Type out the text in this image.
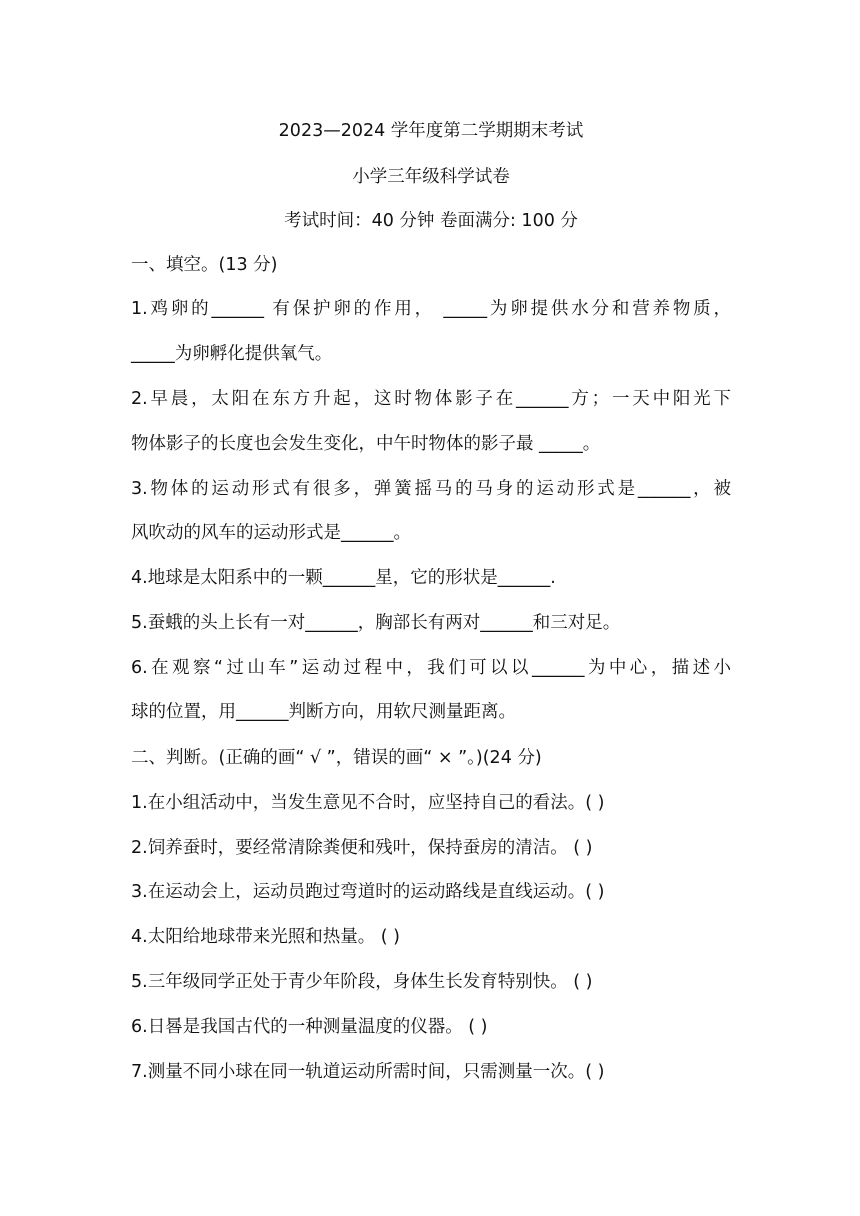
2023—2024 学年度第二学期期末考试
小学三年级科学试卷
考试时间：40 分钟 卷面满分: 100 分
一、填空。(13 分)
1.鸡卵的______ 有保护卵的作用， _____为卵提供水分和营养物质，
_____为卵孵化提供氧气。
2.早晨，太阳在东方升起，这时物体影子在______方；一天中阳光下
物体影子的长度也会发生变化，中午时物体的影子最 _____。
3.物体的运动形式有很多，弹簧摇马的马身的运动形式是______，被
风吹动的风车的运动形式是______。
4.地球是太阳系中的一颗______星，它的形状是______.
5.蚕蛾的头上长有一对______，胸部长有两对______和三对足。
6.在观察“过山车”运动过程中，我们可以以______为中心，描述小
球的位置，用______判断方向，用软尺测量距离。
二、判断。(正确的画“ √ ”，错误的画“ × ”。)(24 分)
1.在小组活动中，当发生意见不合时，应坚持自己的看法。( )
2.饲养蚕时，要经常清除粪便和残叶，保持蚕房的清洁。 ( )
3.在运动会上，运动员跑过弯道时的运动路线是直线运动。( )
4.太阳给地球带来光照和热量。 ( )
5.三年级同学正处于青少年阶段，身体生长发育特别快。 ( )
6.日晷是我国古代的一种测量温度的仪器。 ( )
7.测量不同小球在同一轨道运动所需时间，只需测量一次。( )
